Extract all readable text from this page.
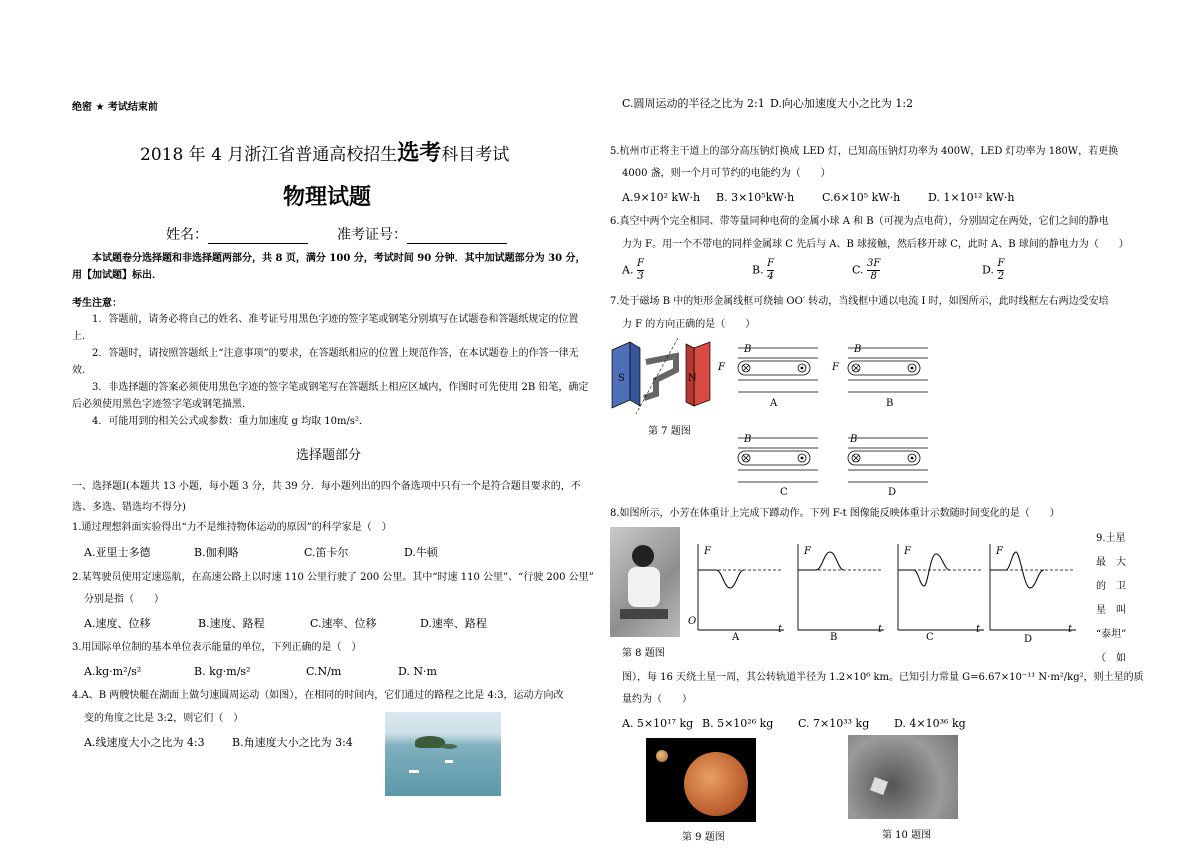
绝密 ★ 考试结束前
2018 年 4 月浙江省普通高校招生选考科目考试
物理试题
姓名：	准考证号：
本试题卷分选择题和非选择题两部分，共 8 页，满分 100 分，考试时间 90 分钟．其中加试题部分为 30 分，用【加试题】标出．
考生注意：
1．答题前，请务必将自己的姓名、准考证号用黑色字迹的签字笔或钢笔分别填写在试题卷和答题纸规定的位置上．
2．答题时，请按照答题纸上“注意事项”的要求，在答题纸相应的位置上规范作答，在本试题卷上的作答一律无效．
3．非选择题的答案必须使用黑色字迹的签字笔或钢笔写在答题纸上相应区域内，作图时可先使用 2B 铅笔，确定后必须使用黑色字迹签字笔或钢笔描黑．
4．可能用到的相关公式或参数：重力加速度 g 均取 10m/s²．
选择题部分
一、选择题Ⅰ(本题共 13 小题，每小题 3 分，共 39 分．每小题列出的四个备选项中只有一个是符合题目要求的，不选、多选、错选均不得分)
1.通过理想斜面实验得出“力不是维持物体运动的原因”的科学家是（　）
A.亚里士多德	B.伽利略	C.笛卡尔	D.牛顿
2.某驾驶员使用定速巡航，在高速公路上以时速 110 公里行驶了 200 公里。其中“时速 110 公里”、“行驶 200 公里”
分别是指（　　）
A.速度、位移	B.速度、路程	C.速率、位移	D.速率、路程
3.用国际单位制的基本单位表示能量的单位，下列正确的是（　）
A.kg·m²/s²	B. kg·m/s²	C.N/m	D. N·m
4.A、B 两艘快艇在湖面上做匀速圆周运动（如图），在相同的时间内，它们通过的路程之比是 4:3，运动方向改
变的角度之比是 3:2，则它们（　）
A.线速度大小之比为 4:3 B.角速度大小之比为 3:4
C.圆周运动的半径之比为 2:1 D.向心加速度大小之比为 1:2
5.杭州市正将主干道上的部分高压钠灯换成 LED 灯，已知高压钠灯功率为 400W，LED 灯功率为 180W，若更换
4000 盏，则一个月可节约的电能约为（　　）
A.9×10² kW·h B. 3×10⁵kW·h	C.6×10⁵ kW·h	D. 1×10¹² kW·h
6.真空中两个完全相同、带等量同种电荷的金属小球 A 和 B（可视为点电荷），分别固定在两处，它们之间的静电
力为 F。用一个不带电的同样金属球 C 先后与 A、B 球接触，然后移开球 C，此时 A、B 球间的静电力为（　　）
A. $\frac{F}{3}$	B. $\frac{F}{4}$	C. $\frac{3F}{8}$	D. $\frac{F}{2}$
7.处于磁场 B 中的矩形金属线框可绕轴 OO′ 转动，当线框中通以电流 I 时，如图所示，此时线框左右两边受安培
力 F 的方向正确的是（　　）
S	N
第 7 题图
B
F	F
A
B
B
B
C
B
D
8.如图所示，小芳在体重计上完成下蹲动作。下列 F-t 图像能反映体重计示数随时间变化的是（　　）
第 8 题图
F
O
t
A
F
t
B
F
t
C
F
t
D
9.土星
最　大
的　卫
星　叫
“泰坦”
（　如
图），每 16 天绕土星一周，其公转轨道半径为 1.2×10⁶ km。已知引力常量 G=6.67×10⁻¹¹ N·m²/kg²，则土星的质
量约为（　　）
A. 5×10¹⁷ kg B. 5×10²⁶ kg C. 7×10³³ kg D. 4×10³⁶ kg
第 9 题图	第 10 题图
